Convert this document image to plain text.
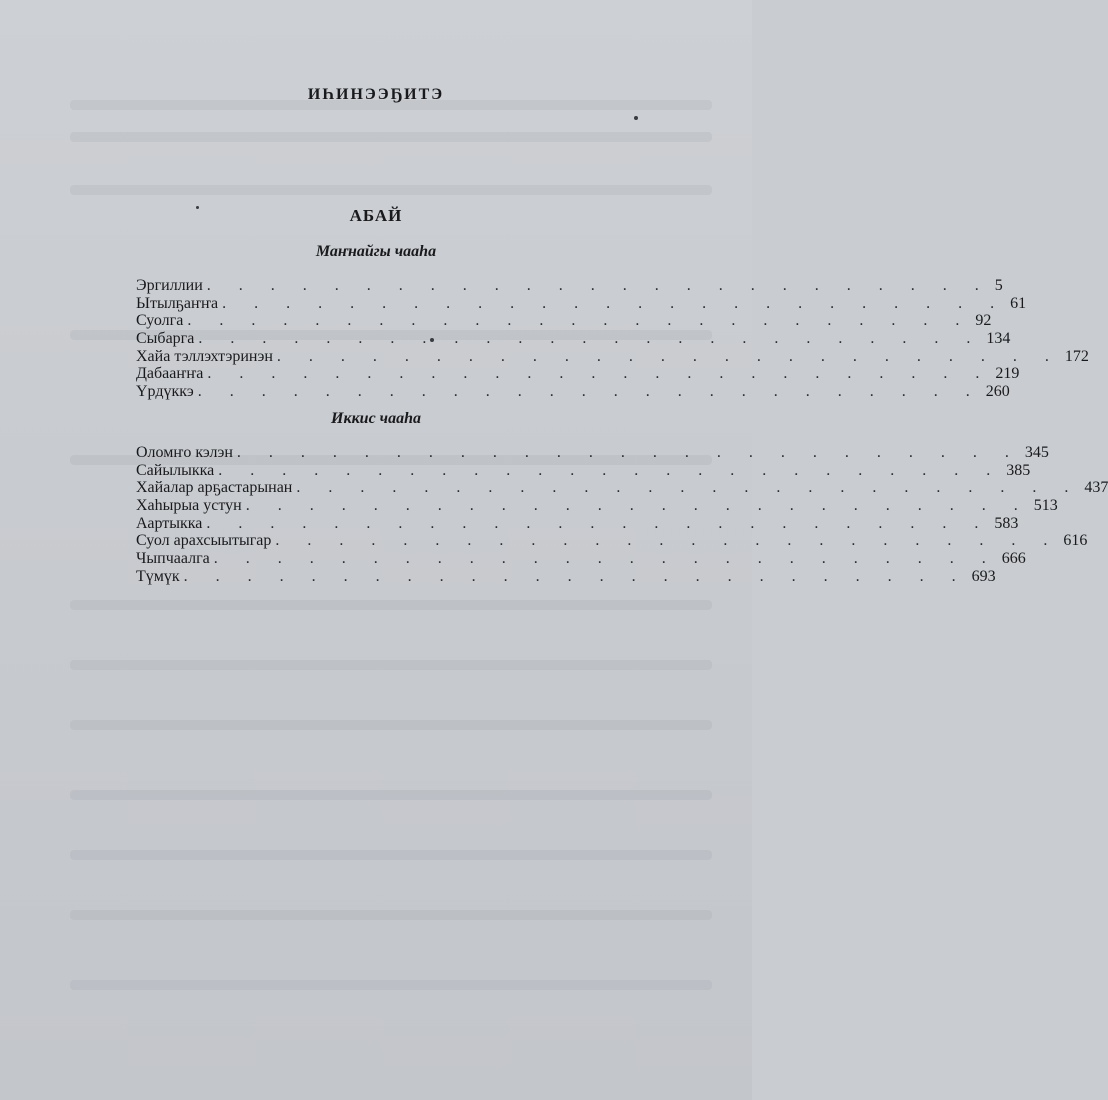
ИҺИНЭЭҔИТЭ
АБАЙ
Маҥнайгы чааһа
Эргиллии . . . . . . . . . . . . . . . . . . . . . . . . . 5
Ытылҕаҥҥа . . . . . . . . . . . . . . . . . . . . . . . . . 61
Суолга . . . . . . . . . . . . . . . . . . . . . . . . . 92
Сыбарга . . . . . . . . . . . . . . . . . . . . . . . . . 134
Хайа тэллэхтэринэн . . . . . . . . . . . . . . . . . . . . . . . . . 172
Дабааҥҥа . . . . . . . . . . . . . . . . . . . . . . . . . 219
Үрдүккэ . . . . . . . . . . . . . . . . . . . . . . . . . 260
Иккис чааһа
Оломҥо кэлэн . . . . . . . . . . . . . . . . . . . . . . . . . 345
Сайылыкка . . . . . . . . . . . . . . . . . . . . . . . . . 385
Хайалар арҕастарынан . . . . . . . . . . . . . . . . . . . . . . . . . 437
Хаһырыа устун . . . . . . . . . . . . . . . . . . . . . . . . . 513
Аартыкка . . . . . . . . . . . . . . . . . . . . . . . . . 583
Суол арахсыытыгар . . . . . . . . . . . . . . . . . . . . . . . . . 616
Чыпчаалга . . . . . . . . . . . . . . . . . . . . . . . . . 666
Түмүк . . . . . . . . . . . . . . . . . . . . . . . . . 693
